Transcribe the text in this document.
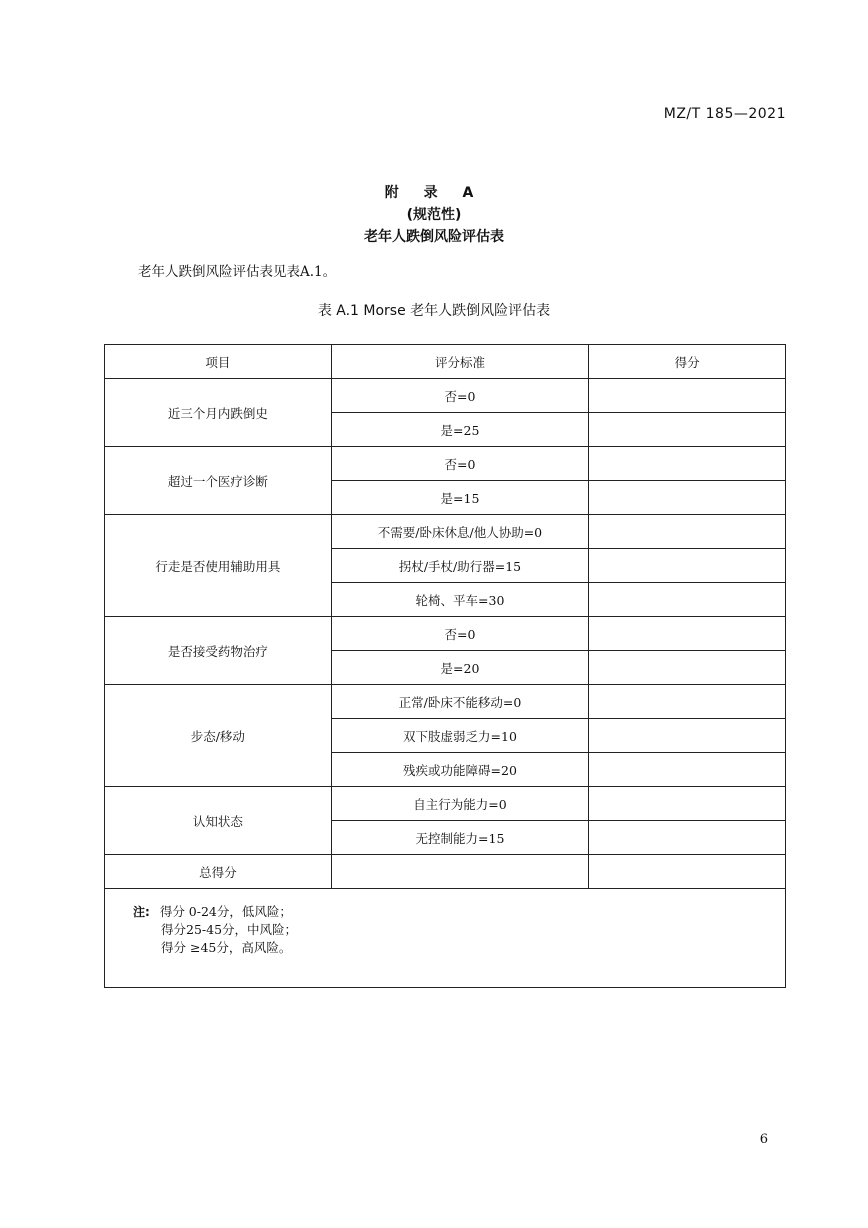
MZ/T 185—2021
附 录 A
(规范性)
老年人跌倒风险评估表
老年人跌倒风险评估表见表A.1。
表 A.1 Morse 老年人跌倒风险评估表
项目	评分标准	得分
近三个月内跌倒史	否=0	
	是=25	
超过一个医疗诊断	否=0	
	是=15	
行走是否使用辅助用具	不需要/卧床休息/他人协助=0	
	拐杖/手杖/助行器=15	
	轮椅、平车=30	
是否接受药物治疗	否=0	
	是=20	
步态/移动	正常/卧床不能移动=0	
	双下肢虚弱乏力=10	
	残疾或功能障碍=20	
认知状态	自主行为能力=0	
	无控制能力=15	
总得分		

注: 得分 0-24分，低风险；
得分25-45分，中风险；
得分 ≥45分，高风险。		
6
